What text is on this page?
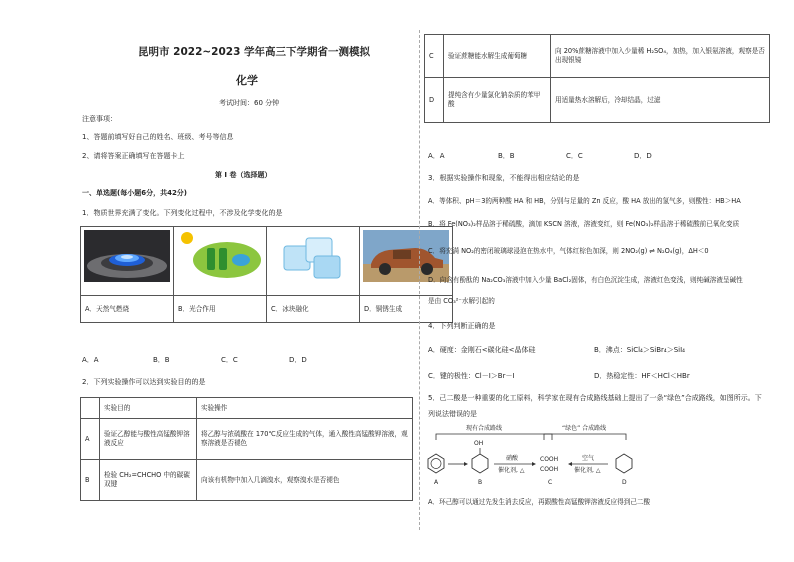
昆明市 2022~2023 学年高三下学期省一测模拟
化学
考试时间：60 分钟
注意事项：
1、答题前填写好自己的姓名、班级、考号等信息
2、请将答案正确填写在答题卡上
第 I 卷（选择题）
一、单选题(每小题6分，共42分)
1．物质世界充满了变化。下列变化过程中，不涉及化学变化的是

A．天然气燃烧	B．光合作用	C．冰块融化	D．铜锈生成
A．A	B．B	C．C	D．D
2．下列实验操作可以达到实验目的的是
	实验目的	实验操作
A	验证乙醇能与酸性高锰酸钾溶液反应	将乙醇与浓硫酸在 170℃反应生成的气体，通入酸性高锰酸钾溶液，观察溶液是否褪色
B	检验 CH₂=CHCHO 中的碳碳双键	向该有机物中加入几滴溴水，观察溴水是否褪色
C	验证蔗糖能水解生成葡萄糖	向 20%蔗糖溶液中加入少量稀 H₂SO₄，加热，加入银氨溶液，观察是否出现银镜
D	提纯含有少量氯化钠杂质的苯甲酸	用适量热水溶解后，冷却结晶，过滤
A．A	B．B	C．C	D．D
3．根据实验操作和现象，不能得出相应结论的是
A．等体积、pH＝3的两种酸 HA 和 HB，分别与足量的 Zn 反应，酸 HA 放出的氢气多，则酸性：HB＞HA
B．将 Fe(NO₃)₂样品溶于稀硫酸，滴加 KSCN 溶液，溶液变红，则 Fe(NO₃)₂样品溶于稀硫酸前已氧化变质
C．将充满 NO₂的密闭玻璃球浸泡在热水中，气体红棕色加深，则 2NO₂(g) ⇌ N₂O₄(g)，ΔH＜0
D．向含有酚酞的 Na₂CO₃溶液中加入少量 BaCl₂固体，有白色沉淀生成，溶液红色变浅，则纯碱溶液呈碱性
是由 CO₃²⁻水解引起的
4．下列判断正确的是
A．硬度：金刚石<碳化硅<晶体硅	B．沸点：SiCl₄＞SiBr₄＞SiI₄
C．键的极性：Cl－I＞Br－I	D．热稳定性：HF＜HCl＜HBr
5．己二酸是一种重要的化工原料，科学家在现有合成路线基础上提出了一条“绿色”合成路线，如图所示。下
列说法错误的是
现有合成路线	“绿色” 合成路线
OH
硝酸
催化剂, △
COOH
COOH
空气
催化剂, △
A	B	C	D
A．环己醇可以通过先发生消去反应，再跟酸性高锰酸钾溶液反应得到己二酸
